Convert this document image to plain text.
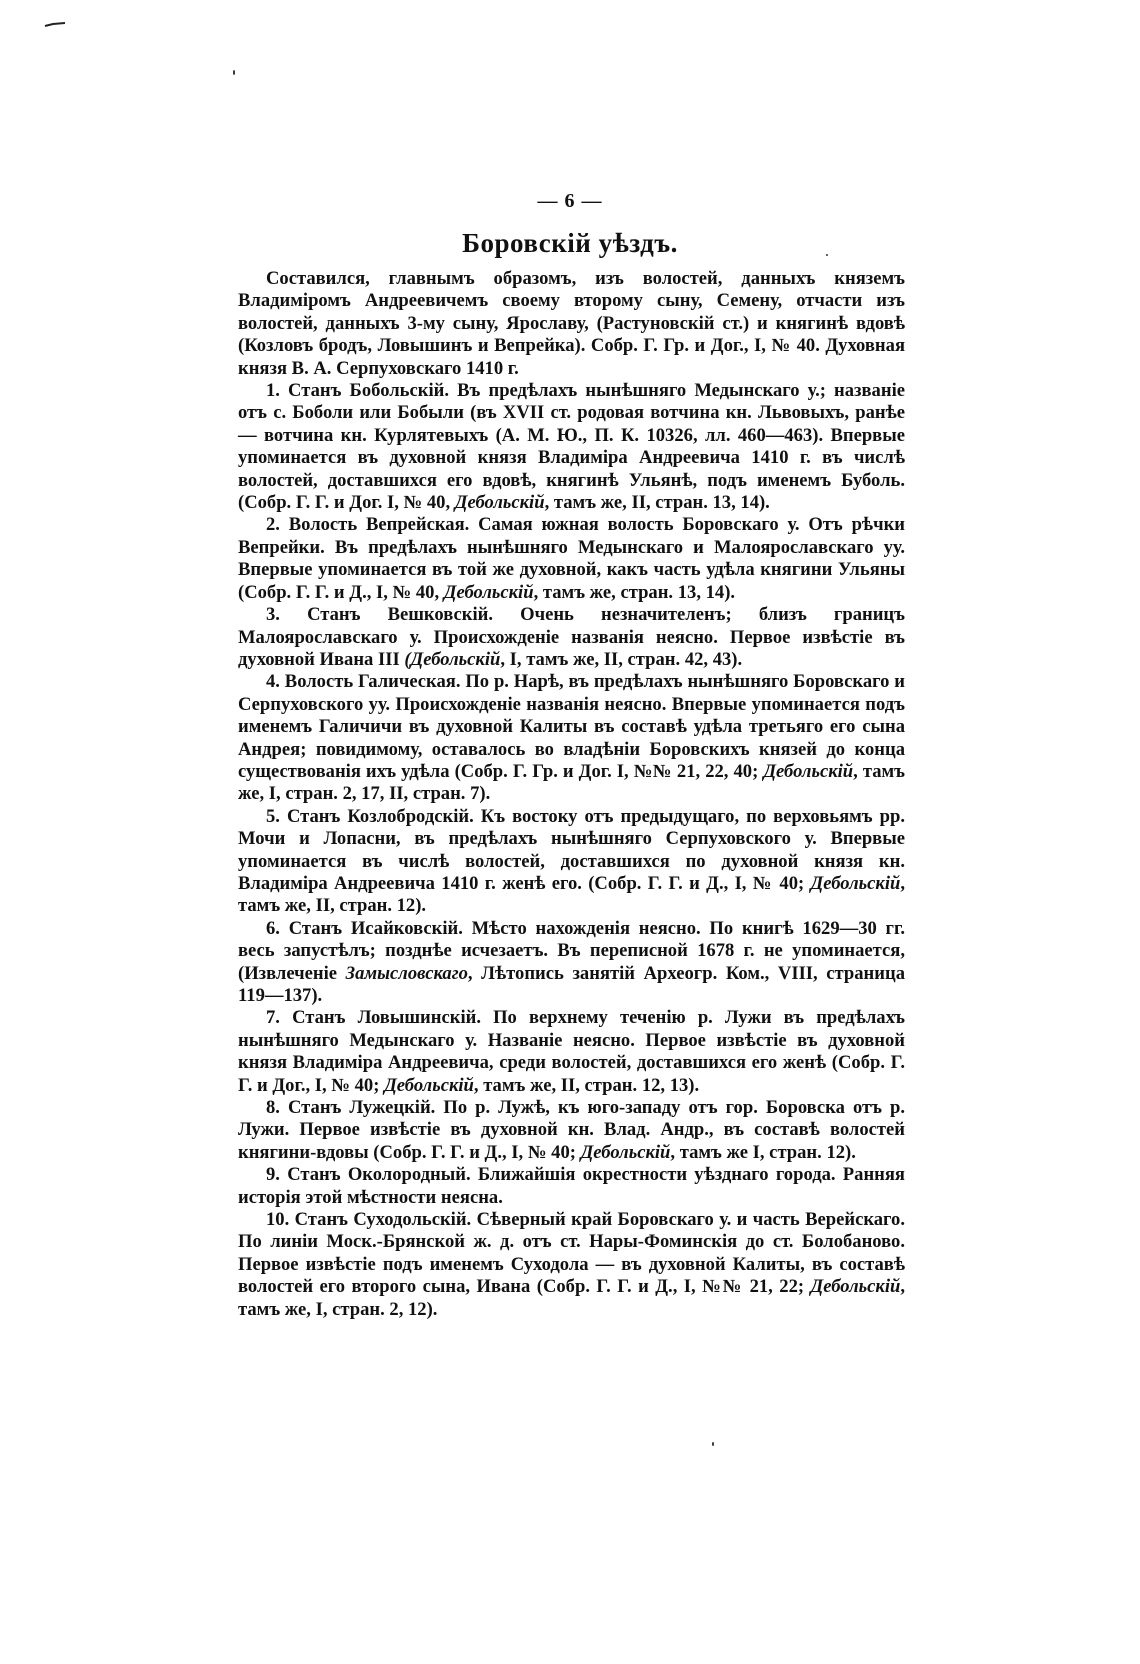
— 6 —
Боровскій уѣздъ.

Составился, главнымъ образомъ, изъ волостей, данныхъ княземъ Владиміромъ Андреевичемъ своему второму сыну, Семену, отчасти изъ волостей, данныхъ 3-му сыну, Ярославу, (Растуновскій ст.) и княгинѣ вдовѣ (Козловъ бродъ, Ловышинъ и Вепрейка). Собр. Г. Гр. и Дог., I, № 40. Духовная князя В. А. Серпуховскаго 1410 г.

1. Станъ Бобольскій. Въ предѣлахъ нынѣшняго Медынскаго у.; названіе отъ с. Боболи или Бобыли (въ XVII ст. родовая вотчина кн. Львовыхъ, ранѣе — вотчина кн. Курлятевыхъ (А. М. Ю., П. К. 10326, лл. 460—463). Впервые упоминается въ духовной князя Владиміра Андреевича 1410 г. въ числѣ волостей, доставшихся его вдовѣ, княгинѣ Ульянѣ, подъ именемъ Буболь. (Собр. Г. Г. и Дог. I, № 40, Дебольскій, тамъ же, II, стран. 13, 14).

2. Волость Вепрейская. Самая южная волость Боровскаго у. Отъ рѣчки Вепрейки. Въ предѣлахъ нынѣшняго Медынскаго и Малоярославскаго уу. Впервые упоминается въ той же духовной, какъ часть удѣла княгини Ульяны (Собр. Г. Г. и Д., I, № 40, Дебольскій, тамъ же, стран. 13, 14).

3. Станъ Вешковскій. Очень незначителенъ; близъ границъ Малоярославскаго у. Происхожденіе названія неясно. Первое извѣстіе въ духовной Ивана III (Дебольскій, I, тамъ же, II, стран. 42, 43).

4. Волость Галическая. По р. Нарѣ, въ предѣлахъ нынѣшняго Боровскаго и Серпуховского уу. Происхожденіе названія неясно. Впервые упоминается подъ именемъ Галичичи въ духовной Калиты въ составѣ удѣла третьяго его сына Андрея; повидимому, оставалось во владѣніи Боровскихъ князей до конца существованія ихъ удѣла (Собр. Г. Гр. и Дог. I, №№ 21, 22, 40; Дебольскій, тамъ же, I, стран. 2, 17, II, стран. 7).

5. Станъ Козлобродскій. Къ востоку отъ предыдущаго, по верховьямъ рр. Мочи и Лопасни, въ предѣлахъ нынѣшняго Серпуховского у. Впервые упоминается въ числѣ волостей, доставшихся по духовной князя кн. Владиміра Андреевича 1410 г. женѣ его. (Собр. Г. Г. и Д., I, № 40; Дебольскій, тамъ же, II, стран. 12).

6. Станъ Исайковскій. Мѣсто нахожденія неясно. По книгѣ 1629—30 гг. весь запустѣлъ; позднѣе исчезаетъ. Въ переписной 1678 г. не упоминается, (Извлеченіе Замысловскаго, Лѣтопись занятій Археогр. Ком., VIII, страница 119—137).

7. Станъ Ловышинскій. По верхнему теченію р. Лужи въ предѣлахъ нынѣшняго Медынскаго у. Названіе неясно. Первое извѣстіе въ духовной князя Владиміра Андреевича, среди волостей, доставшихся его женѣ (Собр. Г. Г. и Дог., I, № 40; Дебольскій, тамъ же, II, стран. 12, 13).

8. Станъ Лужецкій. По р. Лужѣ, къ юго-западу отъ гор. Боровска отъ р. Лужи. Первое извѣстіе въ духовной кн. Влад. Андр., въ составѣ волостей княгини-вдовы (Собр. Г. Г. и Д., I, № 40; Дебольскій, тамъ же I, стран. 12).

9. Станъ Околородный. Ближайшія окрестности уѣзднаго города. Ранняя исторія этой мѣстности неясна.

10. Станъ Суходольскій. Сѣверный край Боровскаго у. и часть Верейскаго. По линіи Моск.-Брянской ж. д. отъ ст. Нары-Фоминскія до ст. Болобаново. Первое извѣстіе подъ именемъ Суходола — въ духовной Калиты, въ составѣ волостей его второго сына, Ивана (Собр. Г. Г. и Д., I, №№ 21, 22; Дебольскій, тамъ же, I, стран. 2, 12).
